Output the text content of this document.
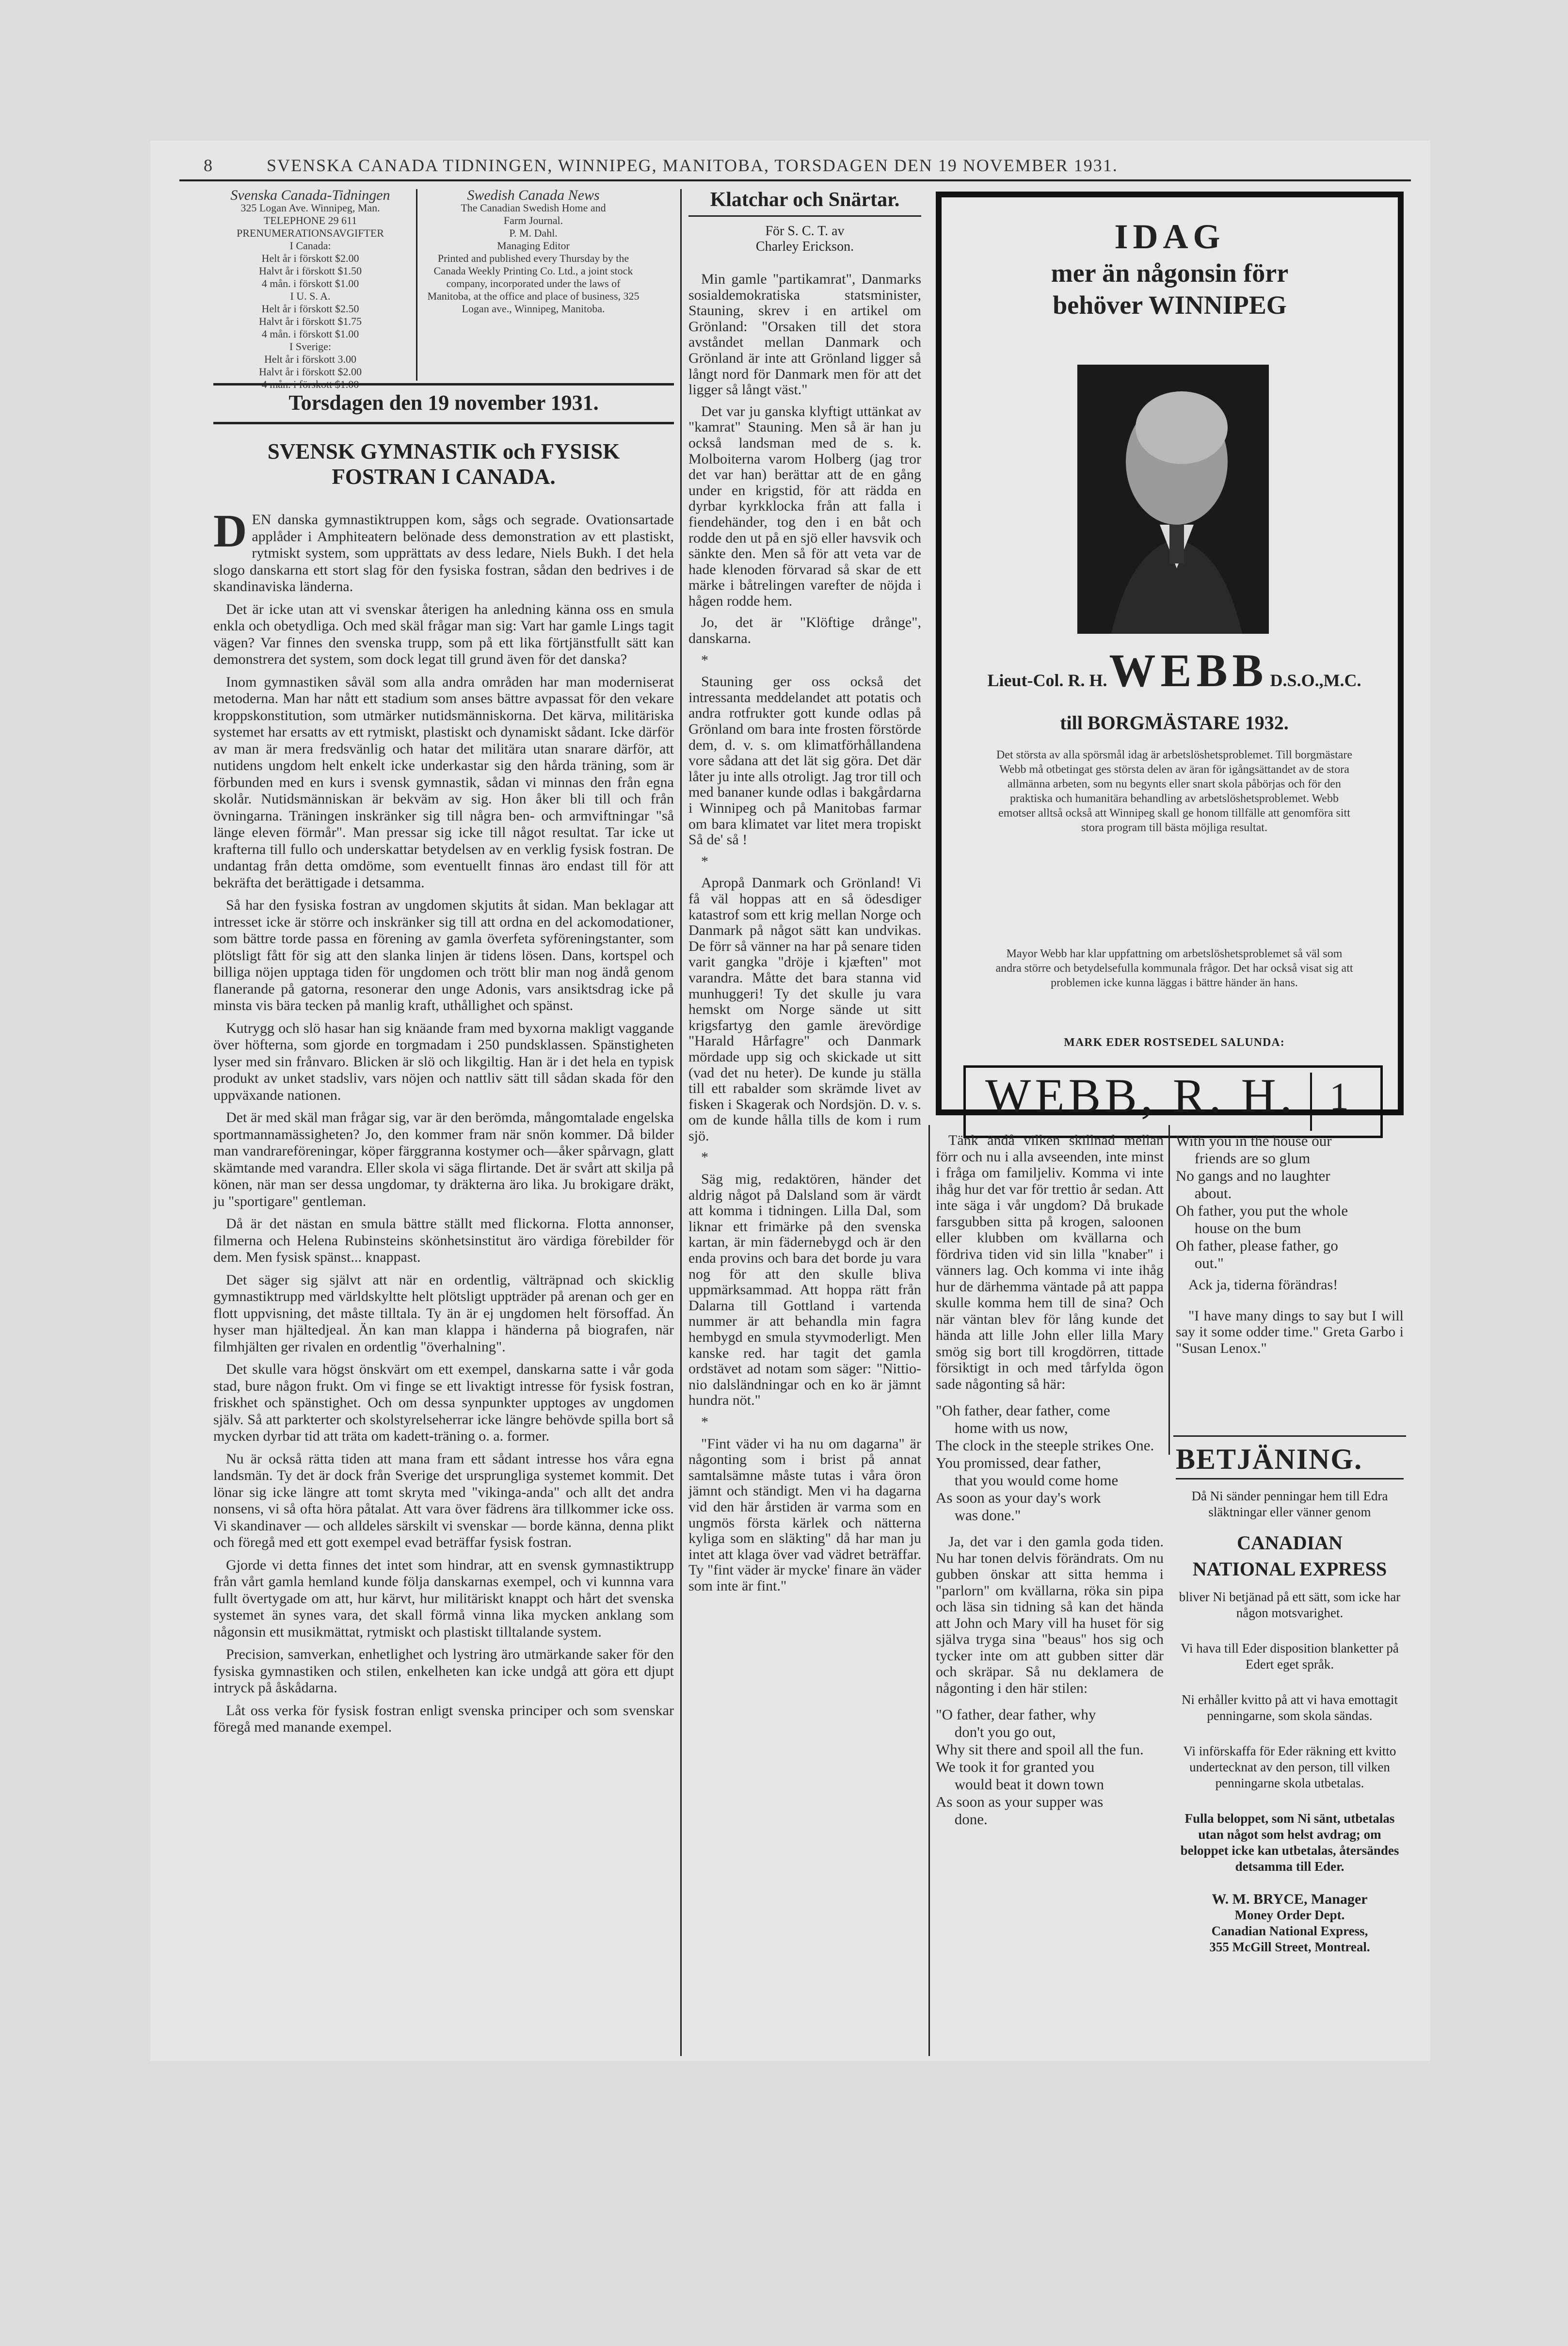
8	SVENSKA CANADA TIDNINGEN, WINNIPEG, MANITOBA, TORSDAGEN DEN 19 NOVEMBER 1931.
Svenska Canada-Tidningen
325 Logan Ave. Winnipeg, Man.
TELEPHONE 29 611
PRENUMERATIONSAVGIFTER
I Canada:
Helt år i förskott $2.00
Halvt år i förskott $1.50
4 mån. i förskott $1.00
I U. S. A.
Helt år i förskott $2.50
Halvt år i förskott $1.75
4 mån. i förskott $1.00
I Sverige:
Helt år i förskott 3.00
Halvt år i förskott $2.00
Swedish Canada News
The Canadian Swedish Home and
Farm Journal.
P. M. Dahl.
Managing Editor
Printed and published every Thursday by the Canada Weekly Printing Co. Ltd., a joint stock company, incorporated under the laws of Manitoba, at the office and place of business, 325 Logan ave., Winnipeg, Manitoba.
Torsdagen den 19 november 1931.
SVENSK GYMNASTIK och FYSISK FOSTRAN I CANADA.
D EN danska gymnastiktruppen kom, sågs och segrade. Ovationsartade applåder i Amphiteatern belönade dess demonstration av ett plastiskt, rytmiskt system, som upprättats av dess ledare, Niels Bukh. I det hela slogo danskarna ett stort slag för den fysiska fostran, sådan den bedrives i de skandinaviska länderna.

Det är icke utan att vi svenskar återigen ha anledning känna oss en smula enkla och obetydliga. Och med skäl frågar man sig: Vart har gamle Lings tagit vägen? Var finnes den svenska trupp, som på ett lika förtjänstfullt sätt kan demonstrera det system, som dock legat till grund även för det danska?

Inom gymnastiken såväl som alla andra områden har man moderniserat metoderna. Man har nått ett stadium som anses bättre avpassat för den vekare kroppskonstitution, som utmärker nutidsmänniskorna. Det kärva, militäriska systemet har ersatts av ett rytmiskt, plastiskt och dynamiskt sådant. Icke därför av man är mera fredsvänlig och hatar det militära utan snarare därför, att nutidens ungdom helt enkelt icke underkastar sig den hårda träning, som är förbunden med en kurs i svensk gymnastik, sådan vi minnas den från egna skolår. Nutidsmänniskan är bekväm av sig. Hon åker bli till och från övningarna. Träningen inskränker sig till några ben- och armviftningar "så länge eleven förmår". Man pressar sig icke till något resultat. Tar icke ut krafterna till fullo och underskattar betydelsen av en verklig fysisk fostran. De undantag från detta omdöme, som eventuellt finnas äro endast till för att bekräfta det berättigade i detsamma.

Så har den fysiska fostran av ungdomen skjutits åt sidan. Man beklagar att intresset icke är större och inskränker sig till att ordna en del ackomodationer, som bättre torde passa en förening av gamla överfeta syföreningstanter, som plötsligt fått för sig att den slanka linjen är tidens lösen. Dans, kortspel och billiga nöjen upptaga tiden för ungdomen och trött blir man nog ändå genom flanerande på gatorna, resonerar den unge Adonis, vars ansiktsdrag icke på minsta vis bära tecken på manlig kraft, uthållighet och spänst.

Kutrygg och slö hasar han sig knäande fram med byxorna makligt vaggande över höfterna, som gjorde en torgmadam i 250 pundsklassen. Spänstigheten lyser med sin frånvaro. Blicken är slö och likgiltig. Han är i det hela en typisk produkt av unket stadsliv, vars nöjen och nattliv sätt till sådan skada för den uppväxande nationen.

Det är med skäl man frågar sig, var är den berömda, mångomtalade engelska sportmannamässigheten? Jo, den kommer fram när snön kommer. Då bilder man vandrareföreningar, köper färggranna kostymer och—åker spårvagn, glatt skämtande med varandra. Eller skola vi säga flirtande. Det är svårt att skilja på könen, när man ser dessa ungdomar, ty dräkterna äro lika. Ju brokigare dräkt, ju "sportigare" gentleman.

Då är det nästan en smula bättre ställt med flickorna. Flotta annonser, filmerna och Helena Rubinsteins skönhetsinstitut äro värdiga förebilder för dem. Men fysisk spänst... knappast.

Det säger sig självt att när en ordentlig, välträpnad och skicklig gymnastiktrupp med världskyltte helt plötsligt uppträder på arenan och ger en flott uppvisning, det måste tilltala. Ty än är ej ungdomen helt försoffad. Än hyser man hjältedjeal. Än kan man klappa i händerna på biografen, när filmhjälten ger rivalen en ordentlig "överhalning".

Det skulle vara högst önskvärt om ett exempel, danskarna satte i vår goda stad, bure någon frukt. Om vi finge se ett livaktigt intresse för fysisk fostran, friskhet och spänstighet. Och om dessa synpunkter upptoges av ungdomen själv. Så att parkterter och skolstyrelseherrar icke längre behövde spilla bort så mycken dyrbar tid att träta om kadett-träning o. a. former.

Nu är också rätta tiden att mana fram ett sådant intresse hos våra egna landsmän. Ty det är dock från Sverige det ursprungliga systemet kommit. Det lönar sig icke längre att tomt skryta med "vikinga-anda" och allt det andra nonsens, vi så ofta höra påtalat. Att vara över fädrens ära tillkommer icke oss. Vi skandinaver — och alldeles särskilt vi svenskar — borde känna, denna plikt och föregå med ett gott exempel evad beträffar fysisk fostran.

Gjorde vi detta finnes det intet som hindrar, att en svensk gymnastiktrupp från vårt gamla hemland kunde följa danskarnas exempel, och vi kunnna vara fullt övertygade om att, hur kärvt, hur militäriskt knappt och hårt det svenska systemet än synes vara, det skall förmå vinna lika mycken anklang som någonsin ett musikmättat, rytmiskt och plastiskt tilltalande system.

Precision, samverkan, enhetlighet och lystring äro utmärkande saker för den fysiska gymnastiken och stilen, enkelheten kan icke undgå att göra ett djupt intryck på åskådarna.

Låt oss verka för fysisk fostran enligt svenska principer och som svenskar föregå med manande exempel.

Klatchar och Snärtar.
För S. C. T. av
Charley Erickson.

Min gamle "partikamrat", Danmarks sosialdemokratiska statsminister, Stauning, skrev i en artikel om Grönland: "Orsaken till det stora avståndet mellan Danmark och Grönland är inte att Grönland ligger så långt nord för Danmark men för att det ligger så långt väst."

Det var ju ganska klyftigt uttänkat av "kamrat" Stauning. Men så är han ju också landsman med de s. k. Molboiterna varom Holberg (jag tror det var han) berättar att de en gång under en krigstid, för att rädda en dyrbar kyrkklocka från att falla i fiendehänder, tog den i en båt och rodde den ut på en sjö eller havsvik och sänkte den. Men så för att veta var de hade klenoden förvarad så skar de ett märke i båtrelingen varefter de nöjda i hågen rodde hem.

Jo, det är "Klöftige drånge", danskarna.

*

Stauning ger oss också det intressanta meddelandet att potatis och andra rotfrukter gott kunde odlas på Grönland om bara inte frosten förstörde dem, d. v. s. om klimatförhållandena vore sådana att det lät sig göra. Det där låter ju inte alls otroligt. Jag tror till och med bananer kunde odlas i bakgårdarna i Winnipeg och på Manitobas farmar om bara klimatet var litet mera tropiskt Så de' så !

*

Apropå Danmark och Grönland! Vi få väl hoppas att en så ödesdiger katastrof som ett krig mellan Norge och Danmark på något sätt kan undvikas. De förr så vänner na har på senare tiden varit gangka "dröje i kjæften" mot varandra. Måtte det bara stanna vid munhuggeri! Ty det skulle ju vara hemskt om Norge sände ut sitt krigsfartyg den gamle ärevördige "Harald Hårfagre" och Danmark mördade upp sig och skickade ut sitt (vad det nu heter). De kunde ju ställa till ett rabalder som skrämde livet av fisken i Skagerak och Nordsjön. D. v. s. om de kunde hålla tills de kom i rum sjö.

*

Säg mig, redaktören, händer det aldrig något på Dalsland som är värdt att komma i tidningen. Lilla Dal, som liknar ett frimärke på den svenska kartan, är min fädernebygd och är den enda provins och bara det borde ju vara nog för att den skulle bliva uppmärksammad. Att hoppa rätt från Dalarna till Gottland i vartenda nummer är att behandla min fagra hembygd en smula styvmoderligt. Men kanske red. har tagit det gamla ordstävet ad notam som säger: "Nittio-nio dalsländningar och en ko är jämnt hundra nöt."

*

"Fint väder vi ha nu om dagarna" är någonting som i brist på annat samtalsämne måste tutas i våra öron jämnt och ständigt. Men vi ha dagarna vid den här årstiden är varma som en ungmös första kärlek och nätterna kyliga som en släkting" då har man ju intet att klaga över vad vädret beträffar. Ty "fint väder är mycke' finare än väder som inte är fint."

IDAG
mer än någonsin förr
behöver WINNIPEG
Lieut-Col. R. H. WEBB D.S.O.,M.C.
till BORGMÄSTARE 1932.
Det största av alla spörsmål idag är arbetslöshetsproblemet. Till borgmästare Webb må otbetingat ges största delen av äran för igångsättandet av de stora allmänna arbeten, som nu begynts eller snart skola påbörjas och för den praktiska och humanitära behandling av arbetslöshetsproblemet. Webb emotser alltså också att Winnipeg skall ge honom tillfälle att genomföra sitt stora program till bästa möjliga resultat.
Mayor Webb har klar uppfattning om arbetslöshetsproblemet så väl som andra större och betydelsefulla kommunala frågor. Det har också visat sig att problemen icke kunna läggas i bättre händer än hans.
MARK EDER ROSTSEDEL SALUNDA:
WEBB, R. H. 1

Tänk ändå vilken skillnad mellan förr och nu i alla avseenden, inte minst i fråga om familjeliv. Komma vi inte ihåg hur det var för trettio år sedan. Att inte säga i vår ungdom? Då brukade farsgubben sitta på krogen, saloonen eller klubben om kvällarna och fördriva tiden vid sin lilla "knaber" i vänners lag. Och komma vi inte ihåg hur de därhemma väntade på att pappa skulle komma hem till de sina? Och när väntan blev för lång kunde det hända att lille John eller lilla Mary smög sig bort till krogdörren, tittade försiktigt in och med tårfylda ögon sade någonting så här:

"Oh father, dear father, come
home with us now,
The clock in the steeple strikes One.
You promissed, dear father,
that you would come home
As soon as your day's work
was done."

Ja, det var i den gamla goda tiden. Nu har tonen delvis förändrats. Om nu gubben önskar att sitta hemma i "parlorn" om kvällarna, röka sin pipa och läsa sin tidning så kan det hända att John och Mary vill ha huset för sig själva tryga sina "beaus" hos sig och tycker inte om att gubben sitter där och skräpar. Så nu deklamera de någonting i den här stilen:

"O father, dear father, why
don't you go out,
Why sit there and spoil all the fun.
We took it for granted you
would beat it down town
As soon as your supper was
done.
With you in the house our
friends are so glum
No gangs and no laughter
about.
Oh father, you put the whole
house on the bum
Oh father, please father, go
out."

Ack ja, tiderna förändras!

"I have many dings to say but I will say it some odder time." Greta Garbo i "Susan Lenox."

BETJÄNING.
Då Ni sänder penningar hem till Edra släktningar eller vänner genom
CANADIAN
NATIONAL EXPRESS
bliver Ni betjänad på ett sätt, som icke har någon motsvarighet.
Vi hava till Eder disposition blanketter på Edert eget språk.
Ni erhåller kvitto på att vi hava emottagit penningarne, som skola sändas.
Vi införskaffa för Eder räkning ett kvitto undertecknat av den person, till vilken penningarne skola utbetalas.
Fulla beloppet, som Ni sänt, utbetalas utan något som helst avdrag; om beloppet icke kan utbetalas, återsändes detsamma till Eder.
W. M. BRYCE, Manager
Money Order Dept.
Canadian National Express,
355 McGill Street, Montreal.
